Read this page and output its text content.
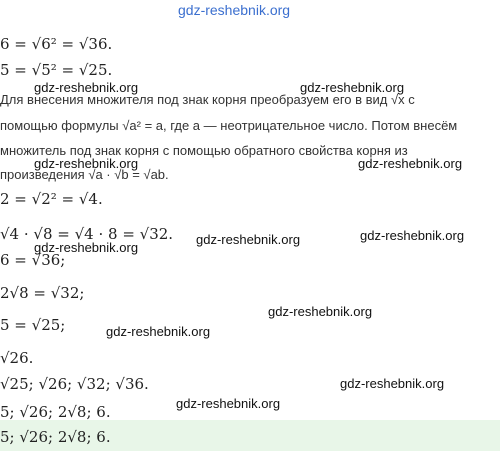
gdz-reshebnik.org
6 = √6² = √36.
5 = √5² = √25.
gdz-reshebnik.org	gdz-reshebnik.org
Для внесения множителя под знак корня преобразуем его в вид √x с
помощью формулы √a² = a, где a — неотрицательное число. Потом внесём
множитель под знак корня с помощью обратного свойства корня из
gdz-reshebnik.org	gdz-reshebnik.org
произведения √a · √b = √ab.
2 = √2² = √4.
√4 · √8 = √4 · 8 = √32. gdz-reshebnik.org	gdz-reshebnik.org
gdz-reshebnik.org
6 = √36;
2√8 = √32;
gdz-reshebnik.org
5 = √25;	gdz-reshebnik.org
√26.
√25; √26; √32; √36.	gdz-reshebnik.org
5; √26; 2√8; 6.	gdz-reshebnik.org
5; √26; 2√8; 6.
